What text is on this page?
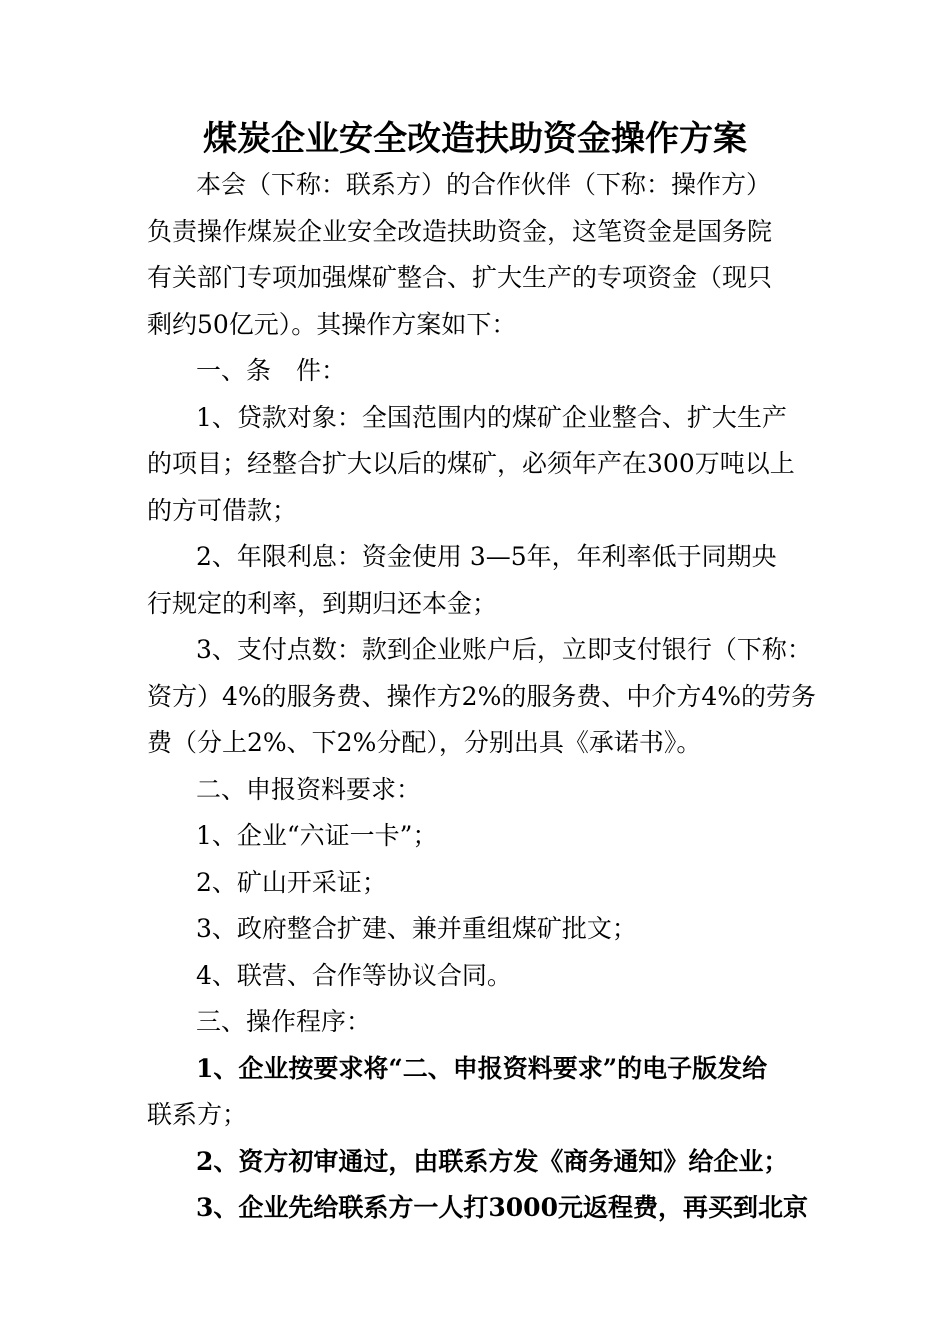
煤炭企业安全改造扶助资金操作方案

本会（下称：联系方）的合作伙伴（下称：操作方）

负责操作煤炭企业安全改造扶助资金，这笔资金是国务院

有关部门专项加强煤矿整合、扩大生产的专项资金（现只

剩约50亿元）。其操作方案如下：

一、条　件：

1、贷款对象：全国范围内的煤矿企业整合、扩大生产

的项目；经整合扩大以后的煤矿，必须年产在300万吨以上

的方可借款；

2、年限利息：资金使用 3—5年，年利率低于同期央

行规定的利率，到期归还本金；

3、支付点数：款到企业账户后，立即支付银行（下称：

资方）4%的服务费、操作方2%的服务费、中介方4%的劳务

费（分上2%、下2%分配），分别出具《承诺书》。

二、申报资料要求：

1、企业“六证一卡”；

2、矿山开采证；

3、政府整合扩建、兼并重组煤矿批文；

4、联营、合作等协议合同。

三、操作程序：

1、企业按要求将“二、申报资料要求”的电子版发给

联系方；

2、资方初审通过，由联系方发《商务通知》给企业；

3、企业先给联系方一人打3000元返程费，再买到北京
